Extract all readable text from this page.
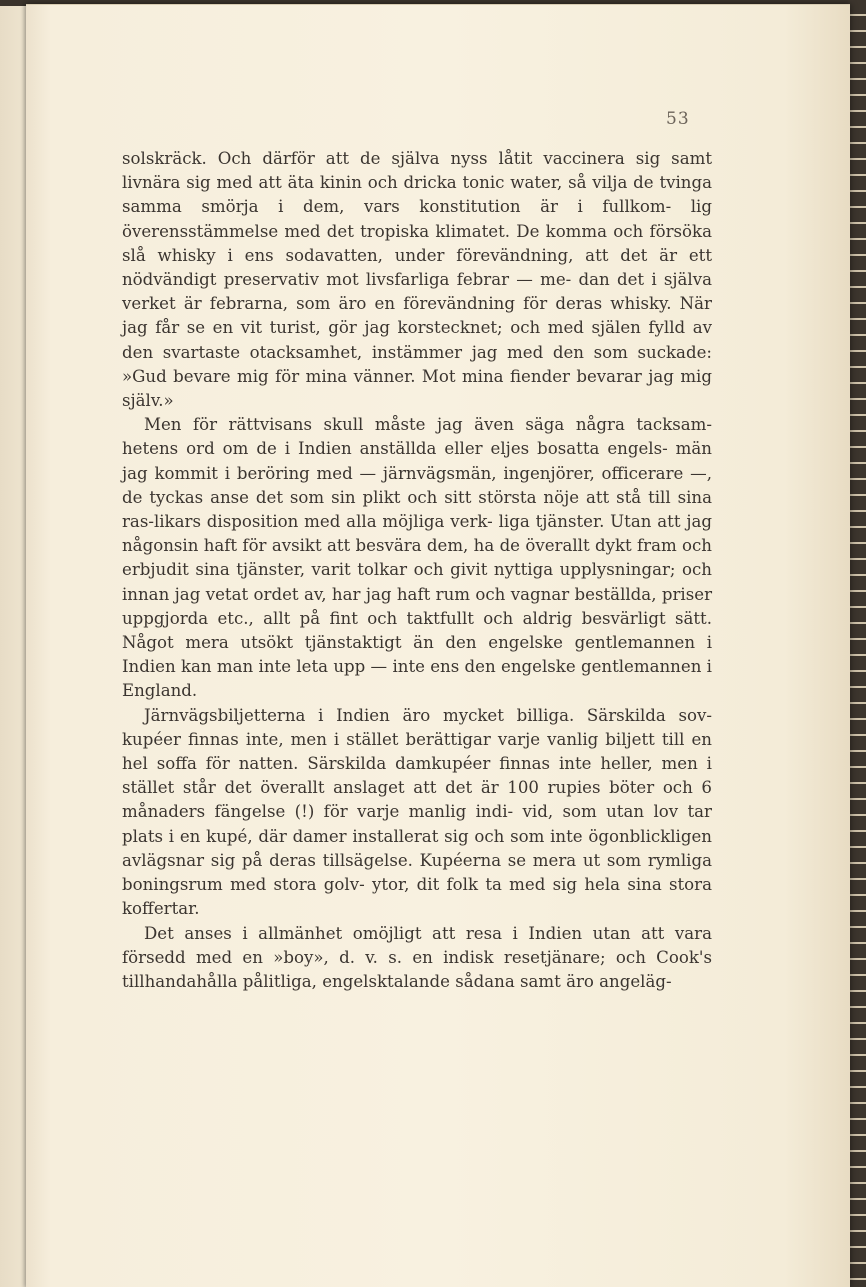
53

solskräck. Och därför att de själva nyss låtit vaccinera sig samt livnära sig med att äta kinin och dricka tonic water, så vilja de tvinga samma smörja i dem, vars konstitution är i fullkom- lig överensstämmelse med det tropiska klimatet. De komma och försöka slå whisky i ens sodavatten, under förevändning, att det är ett nödvändigt preservativ mot livsfarliga febrar — me- dan det i själva verket är febrarna, som äro en förevändning för deras whisky. När jag får se en vit turist, gör jag korstecknet; och med själen fylld av den svartaste otacksamhet, instämmer jag med den som suckade: »Gud bevare mig för mina vänner. Mot mina fiender bevarar jag mig själv.»

Men för rättvisans skull måste jag även säga några tacksam- hetens ord om de i Indien anställda eller eljes bosatta engels- män jag kommit i beröring med — järnvägsmän, ingenjörer, officerare —, de tyckas anse det som sin plikt och sitt största nöje att stå till sina ras-likars disposition med alla möjliga verk- liga tjänster. Utan att jag någonsin haft för avsikt att besvära dem, ha de överallt dykt fram och erbjudit sina tjänster, varit tolkar och givit nyttiga upplysningar; och innan jag vetat ordet av, har jag haft rum och vagnar beställda, priser uppgjorda etc., allt på fint och taktfullt och aldrig besvärligt sätt. Något mera utsökt tjänstaktigt än den engelske gentlemannen i Indien kan man inte leta upp — inte ens den engelske gentlemannen i England.

Järnvägsbiljetterna i Indien äro mycket billiga. Särskilda sov- kupéer finnas inte, men i stället berättigar varje vanlig biljett till en hel soffa för natten. Särskilda damkupéer finnas inte heller, men i stället står det överallt anslaget att det är 100 rupies böter och 6 månaders fängelse (!) för varje manlig indi- vid, som utan lov tar plats i en kupé, där damer installerat sig och som inte ögonblickligen avlägsnar sig på deras tillsägelse. Kupéerna se mera ut som rymliga boningsrum med stora golv- ytor, dit folk ta med sig hela sina stora koffertar.

Det anses i allmänhet omöjligt att resa i Indien utan att vara försedd med en »boy», d. v. s. en indisk resetjänare; och Cook's tillhandahålla pålitliga, engelsktalande sådana samt äro angeläg-
